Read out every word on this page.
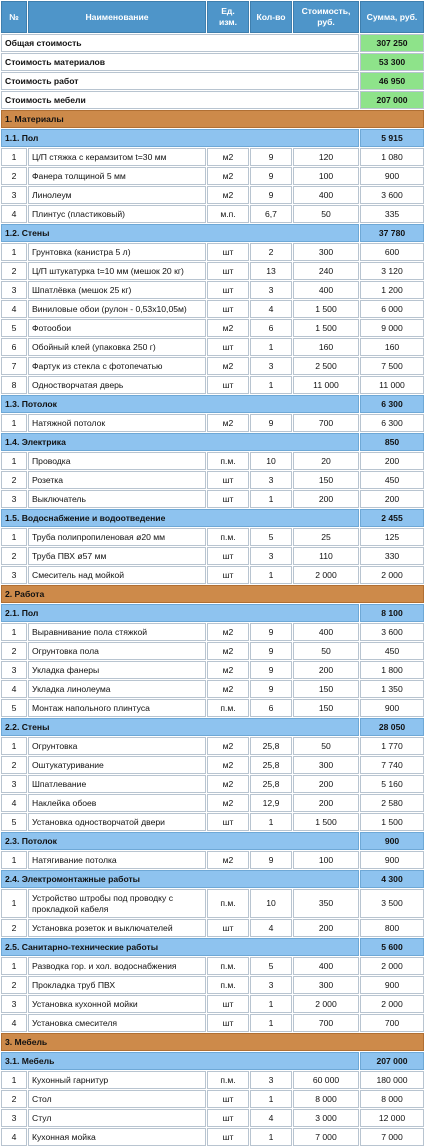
№	Наименование	Ед. изм.	Кол-во	Стоимость, руб.	Сумма, руб.
Общая стоимость					307 250
Стоимость материалов					53 300
Стоимость работ					46 950
Стоимость мебели					207 000
1. Материалы					
1.1. Пол					5 915
1	Ц/П стяжка с керамзитом t=30 мм	м2	9	120	1 080
2	Фанера толщиной 5 мм	м2	9	100	900
3	Линолеум	м2	9	400	3 600
4	Плинтус (пластиковый)	м.п.	6,7	50	335
1.2. Стены					37 780
1	Грунтовка (канистра 5 л)	шт	2	300	600
2	Ц/П штукатурка t=10 мм (мешок 20 кг)	шт	13	240	3 120
3	Шпатлёвка (мешок 25 кг)	шт	3	400	1 200
4	Виниловые обои (рулон - 0,53х10,05м)	шт	4	1 500	6 000
5	Фотообои	м2	6	1 500	9 000
6	Обойный клей (упаковка 250 г)	шт	1	160	160
7	Фартук из стекла с фотопечатью	м2	3	2 500	7 500
8	Одностворчатая дверь	шт	1	11 000	11 000
1.3. Потолок					6 300
1	Натяжной потолок	м2	9	700	6 300
1.4. Электрика					850
1	Проводка	п.м.	10	20	200
2	Розетка	шт	3	150	450
3	Выключатель	шт	1	200	200
1.5. Водоснабжение и водоотведение					2 455
1	Труба полипропиленовая ø20 мм	п.м.	5	25	125
2	Труба ПВХ ø57 мм	шт	3	110	330
3	Смеситель над мойкой	шт	1	2 000	2 000
2. Работа					
2.1. Пол					8 100
1	Выравнивание пола стяжкой	м2	9	400	3 600
2	Огрунтовка пола	м2	9	50	450
3	Укладка фанеры	м2	9	200	1 800
4	Укладка линолеума	м2	9	150	1 350
5	Монтаж напольного плинтуса	п.м.	6	150	900
2.2. Стены					28 050
1	Огрунтовка	м2	25,8	50	1 770
2	Оштукатуривание	м2	25,8	300	7 740
3	Шпатлевание	м2	25,8	200	5 160
4	Наклейка обоев	м2	12,9	200	2 580
5	Установка одностворчатой двери	шт	1	1 500	1 500
2.3. Потолок					900
1	Натягивание потолка	м2	9	100	900
2.4. Электромонтажные работы					4 300
1	Устройство штробы под проводку с прокладкой кабеля	п.м.	10	350	3 500
2	Установка розеток и выключателей	шт	4	200	800
2.5. Санитарно-технические работы					5 600
1	Разводка гор. и хол. водоснабжения	п.м.	5	400	2 000
2	Прокладка труб ПВХ	п.м.	3	300	900
3	Установка кухонной мойки	шт	1	2 000	2 000
4	Установка смесителя	шт	1	700	700
3. Мебель					
3.1. Мебель					207 000
1	Кухонный гарнитур	п.м.	3	60 000	180 000
2	Стол	шт	1	8 000	8 000
3	Стул	шт	4	3 000	12 000
4	Кухонная мойка	шт	1	7 000	7 000
